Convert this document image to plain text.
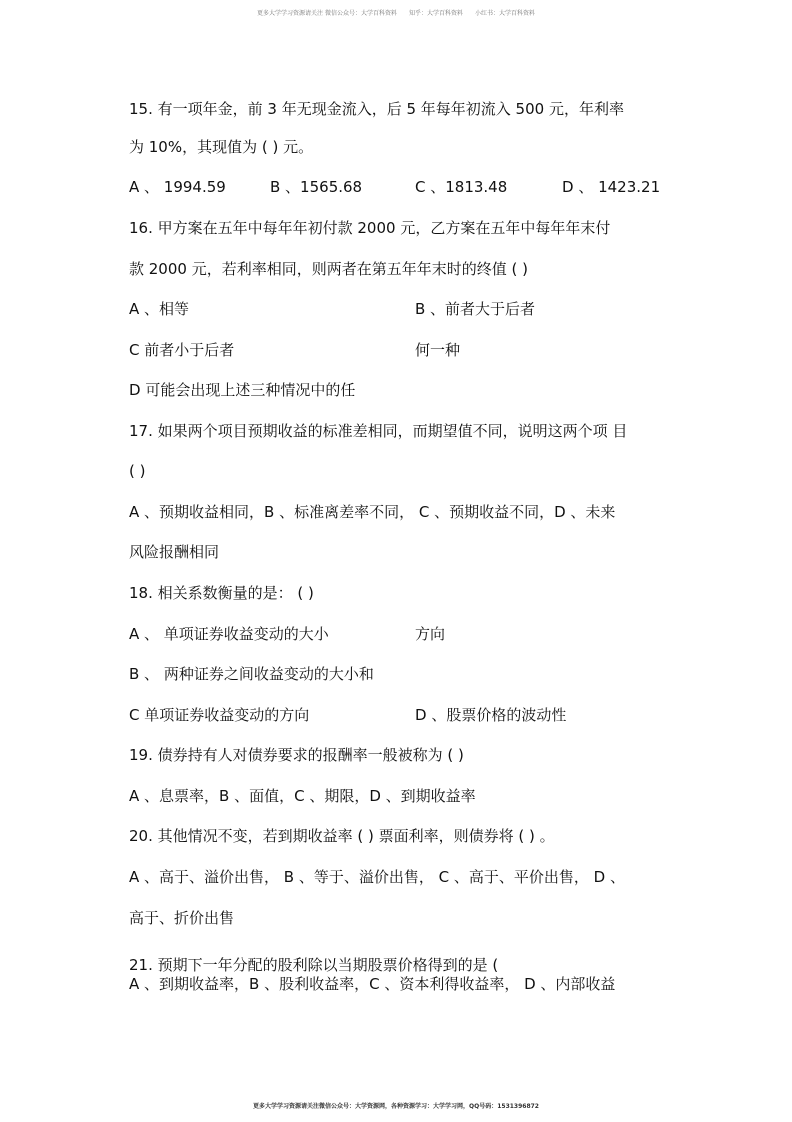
更多大学学习资源请关注 微信公众号：大学百科资料　　知乎：大学百科资料　　小红书：大学百科资料
15. 有一项年金，前 3 年无现金流入，后 5 年每年初流入 500 元，年利率
为 10%，其现值为 ( ) 元。
A 、 1994.59	B 、1565.68	C 、1813.48	D 、 1423.21
16. 甲方案在五年中每年年初付款 2000 元，乙方案在五年中每年年末付
款 2000 元，若利率相同，则两者在第五年年末时的终值 ( )
A 、相等	B 、前者大于后者
C 前者小于后者	何一种
D 可能会出现上述三种情况中的任
17. 如果两个项目预期收益的标准差相同，而期望值不同，说明这两个项 目
( )
A 、预期收益相同，B 、标准离差率不同， C 、预期收益不同，D 、未来
风险报酬相同
18. 相关系数衡量的是： ( )
A 、 单项证券收益变动的大小	方向
B 、 两种证券之间收益变动的大小和
C 单项证券收益变动的方向	D 、股票价格的波动性
19. 债券持有人对债券要求的报酬率一般被称为 ( )
A 、息票率，B 、面值，C 、期限，D 、到期收益率
20. 其他情况不变，若到期收益率 ( ) 票面利率，则债券将 ( ) 。
A 、高于、溢价出售， B 、等于、溢价出售， C 、高于、平价出售， D 、
高于、折价出售
21. 预期下一年分配的股利除以当期股票价格得到的是 (
A 、到期收益率，B 、股利收益率，C 、资本利得收益率， D 、内部收益
更多大学学习资源请关注微信公众号：大学资源网，各种资源学习：大学学习网，QQ号码：1531396872
